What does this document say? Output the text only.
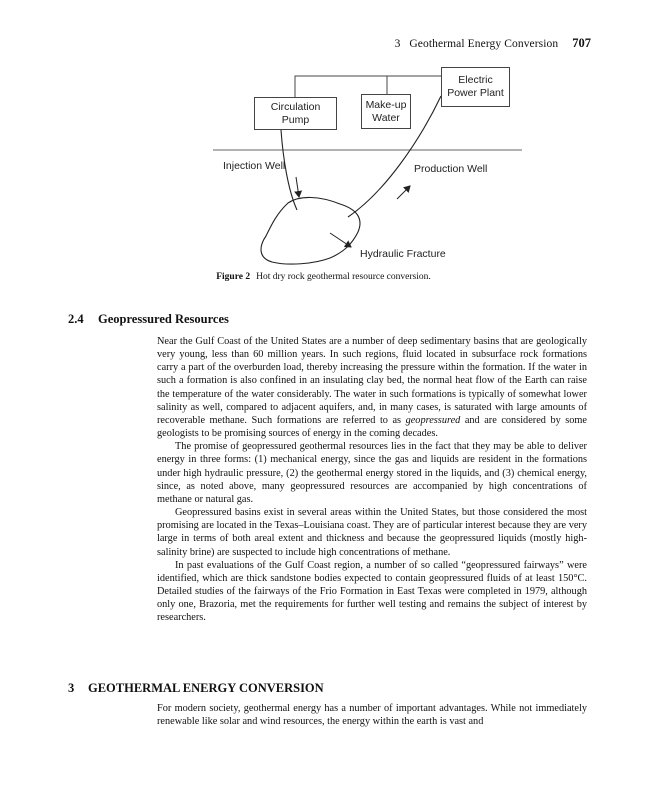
3   Geothermal Energy Conversion 707
Circulation
Pump
Make-up
Water
Electric
Power Plant
Injection Well	Production Well
Hydraulic Fracture
Figure 2 Hot dry rock geothermal resource conversion.
2.4 Geopressured Resources

Near the Gulf Coast of the United States are a number of deep sedimentary basins that are geologically very young, less than 60 million years. In such regions, fluid located in subsurface rock formations carry a part of the overburden load, thereby increasing the pressure within the formation. If the water in such a formation is also confined in an insulating clay bed, the normal heat flow of the Earth can raise the temperature of the water considerably. The water in such formations is typically of somewhat lower salinity as well, compared to adjacent aquifers, and, in many cases, is saturated with large amounts of recoverable methane. Such formations are referred to as geopressured and are considered by some geologists to be promising sources of energy in the coming decades.

The promise of geopressured geothermal resources lies in the fact that they may be able to deliver energy in three forms: (1) mechanical energy, since the gas and liquids are resident in the formations under high hydraulic pressure, (2) the geothermal energy stored in the liquids, and (3) chemical energy, since, as noted above, many geopressured resources are accompanied by high concentrations of methane or natural gas.

Geopressured basins exist in several areas within the United States, but those considered the most promising are located in the Texas–Louisiana coast. They are of particular interest because they are very large in terms of both areal extent and thickness and because the geopressured liquids (mostly high-salinity brine) are suspected to include high concentrations of methane.

In past evaluations of the Gulf Coast region, a number of so called “geopressured fairways” were identified, which are thick sandstone bodies expected to contain geopressured fluids of at least 150°C. Detailed studies of the fairways of the Frio Formation in East Texas were completed in 1979, although only one, Brazoria, met the requirements for further well testing and remains the subject of interest by researchers.

3 GEOTHERMAL ENERGY CONVERSION

For modern society, geothermal energy has a number of important advantages. While not immediately renewable like solar and wind resources, the energy within the earth is vast and
